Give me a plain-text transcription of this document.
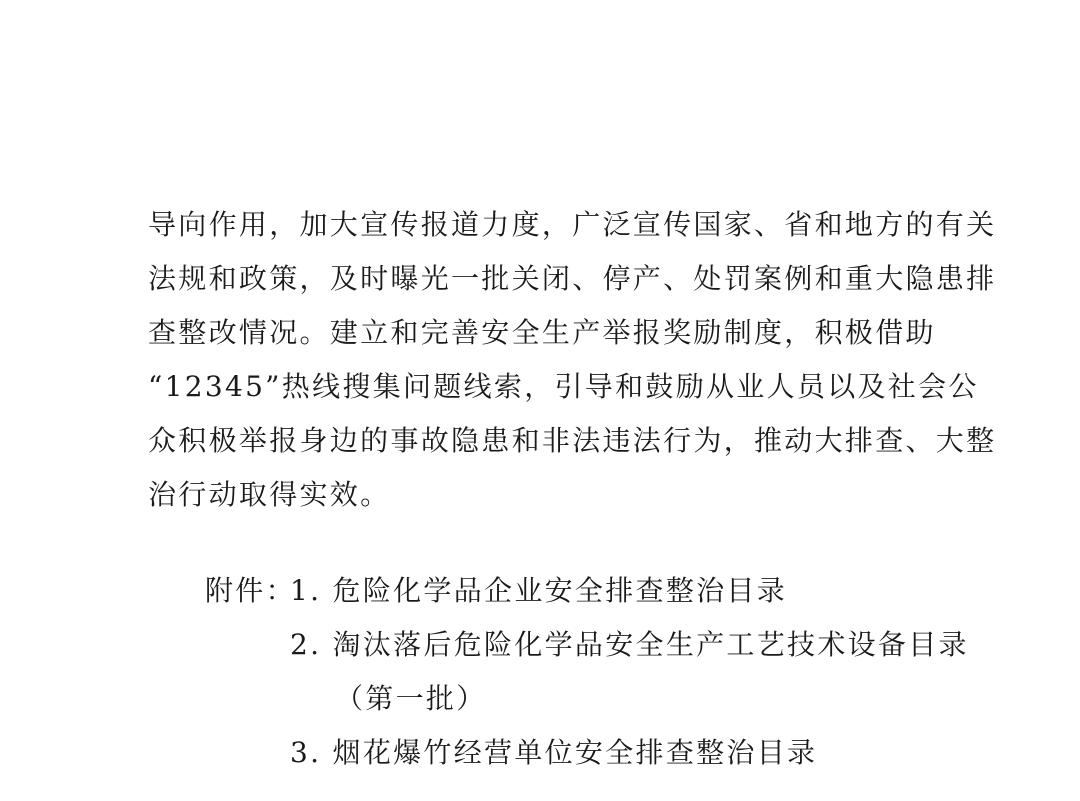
导向作用，加大宣传报道力度，广泛宣传国家、省和地方的有关
法规和政策，及时曝光一批关闭、停产、处罚案例和重大隐患排
查整改情况。建立和完善安全生产举报奖励制度，积极借助
“12345”热线搜集问题线索，引导和鼓励从业人员以及社会公
众积极举报身边的事故隐患和非法违法行为，推动大排查、大整
治行动取得实效。
附件：
1. 危险化学品企业安全排查整治目录
2. 淘汰落后危险化学品安全生产工艺技术设备目录
（第一批）
3. 烟花爆竹经营单位安全排查整治目录
